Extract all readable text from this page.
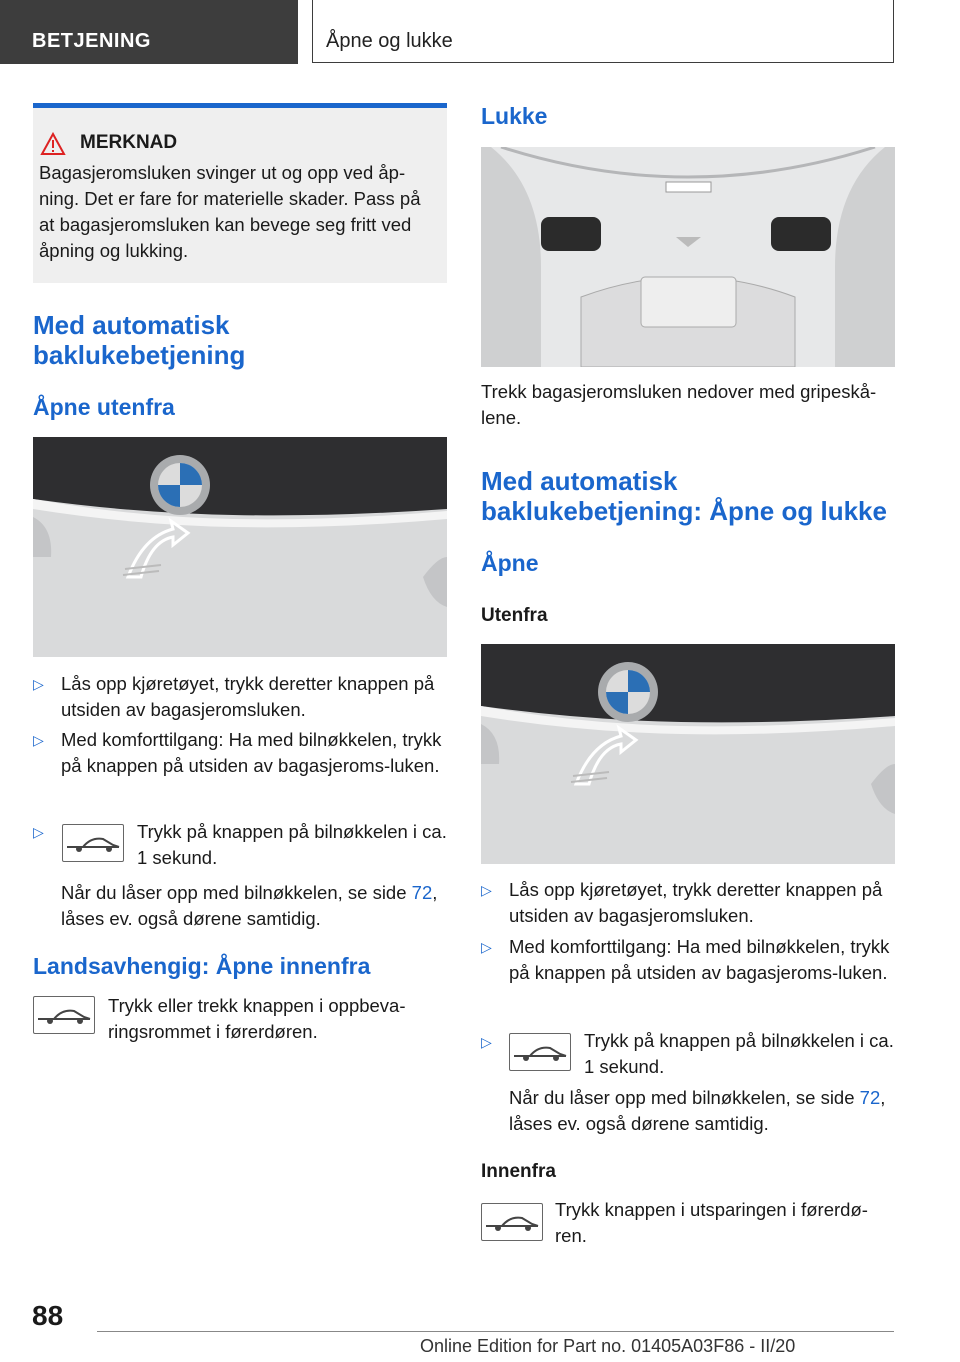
BETJENING	Åpne og lukke
MERKNAD
Bagasjeromsluken svinger ut og opp ved åp-ning. Det er fare for materielle skader. Pass på at bagasjeromsluken kan bevege seg fritt ved åpning og lukking.
Med automatisk
baklukebetjening
Åpne utenfra
▷ Lås opp kjøretøyet, trykk deretter knappen på utsiden av bagasjeromsluken.
▷ Med komforttilgang: Ha med bilnøkkelen, trykk på knappen på utsiden av bagasjeroms-luken.
▷	Trykk på knappen på bilnøkkelen i ca. 1 sekund.
Når du låser opp med bilnøkkelen, se side 72,
låses ev. også dørene samtidig.
Landsavhengig: Åpne innenfra
Trykk eller trekk knappen i oppbeva-ringsrommet i førerdøren.
Lukke
Trekk bagasjeromsluken nedover med gripeskå-lene.
Med automatisk
baklukebetjening: Åpne og lukke
Åpne
Utenfra
▷ Lås opp kjøretøyet, trykk deretter knappen på utsiden av bagasjeromsluken.
▷ Med komforttilgang: Ha med bilnøkkelen, trykk på knappen på utsiden av bagasjeroms-luken.
▷	Trykk på knappen på bilnøkkelen i ca. 1 sekund.
Når du låser opp med bilnøkkelen, se side 72,
låses ev. også dørene samtidig.
Innenfra
Trykk knappen i utsparingen i førerdø-ren.
88
Online Edition for Part no. 01405A03F86 - II/20
